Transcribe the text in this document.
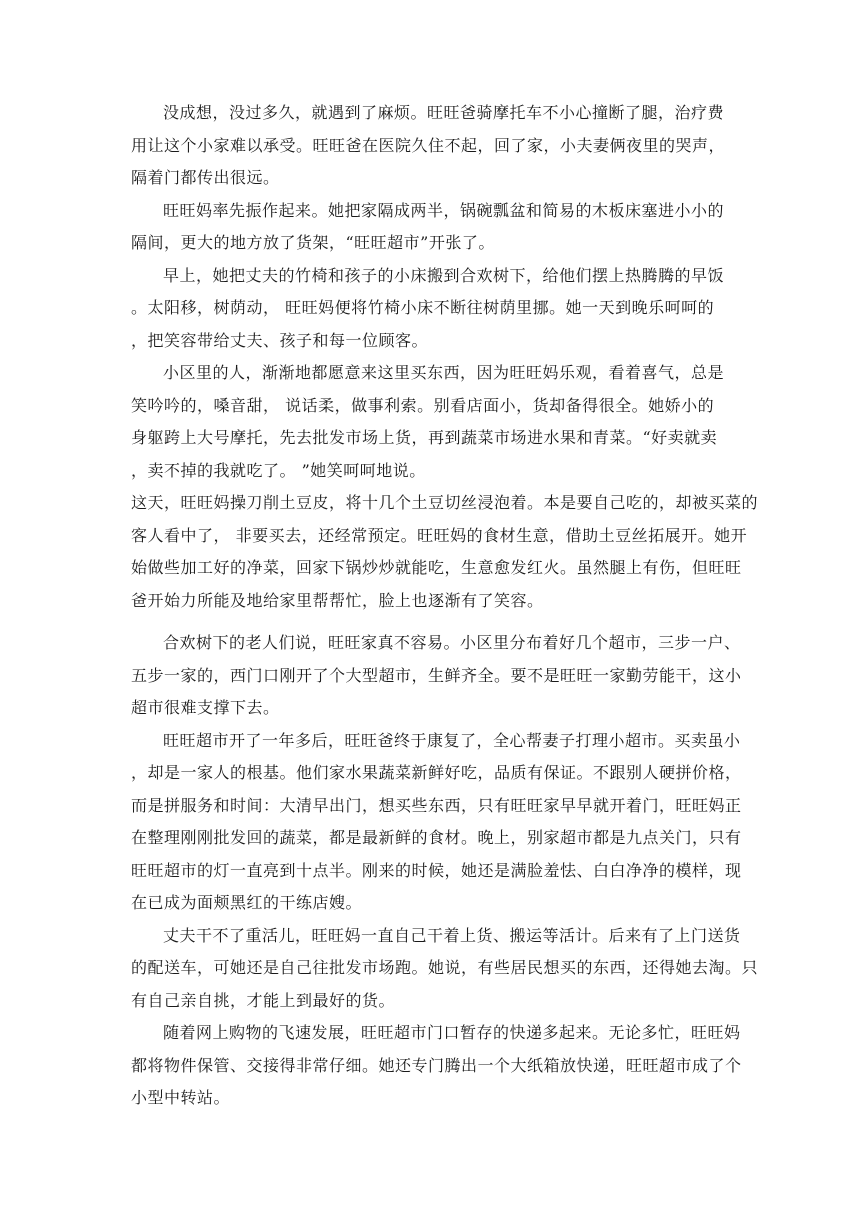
没成想，没过多久，就遇到了麻烦。旺旺爸骑摩托车不小心撞断了腿，治疗费
用让这个小家难以承受。旺旺爸在医院久住不起，回了家，小夫妻俩夜里的哭声，
隔着门都传出很远。
旺旺妈率先振作起来。她把家隔成两半，锅碗瓢盆和简易的木板床塞进小小的
隔间，更大的地方放了货架，“旺旺超市”开张了。
早上，她把丈夫的竹椅和孩子的小床搬到合欢树下，给他们摆上热腾腾的早饭
。太阳移，树荫动， 旺旺妈便将竹椅小床不断往树荫里挪。她一天到晚乐呵呵的
，把笑容带给丈夫、孩子和每一位顾客。
小区里的人，渐渐地都愿意来这里买东西，因为旺旺妈乐观，看着喜气，总是
笑吟吟的，嗓音甜， 说话柔，做事利索。别看店面小，货却备得很全。她娇小的
身躯跨上大号摩托，先去批发市场上货，再到蔬菜市场进水果和青菜。“好卖就卖
，卖不掉的我就吃了。 ”她笑呵呵地说。
这天，旺旺妈操刀削土豆皮，将十几个土豆切丝浸泡着。本是要自己吃的，却被买菜的
客人看中了， 非要买去，还经常预定。旺旺妈的食材生意，借助土豆丝拓展开。她开
始做些加工好的净菜，回家下锅炒炒就能吃，生意愈发红火。虽然腿上有伤，但旺旺
爸开始力所能及地给家里帮帮忙，脸上也逐渐有了笑容。
合欢树下的老人们说，旺旺家真不容易。小区里分布着好几个超市，三步一户、
五步一家的，西门口刚开了个大型超市，生鲜齐全。要不是旺旺一家勤劳能干，这小
超市很难支撑下去。
旺旺超市开了一年多后，旺旺爸终于康复了，全心帮妻子打理小超市。买卖虽小
，却是一家人的根基。他们家水果蔬菜新鲜好吃，品质有保证。不跟别人硬拼价格，
而是拼服务和时间：大清早出门，想买些东西，只有旺旺家早早就开着门，旺旺妈正
在整理刚刚批发回的蔬菜，都是最新鲜的食材。晚上，别家超市都是九点关门，只有
旺旺超市的灯一直亮到十点半。刚来的时候，她还是满脸羞怯、白白净净的模样，现
在已成为面颊黑红的干练店嫂。
丈夫干不了重活儿，旺旺妈一直自己干着上货、搬运等活计。后来有了上门送货
的配送车，可她还是自己往批发市场跑。她说，有些居民想买的东西，还得她去淘。只
有自己亲自挑，才能上到最好的货。
随着网上购物的飞速发展，旺旺超市门口暂存的快递多起来。无论多忙，旺旺妈
都将物件保管、交接得非常仔细。她还专门腾出一个大纸箱放快递，旺旺超市成了个
小型中转站。
